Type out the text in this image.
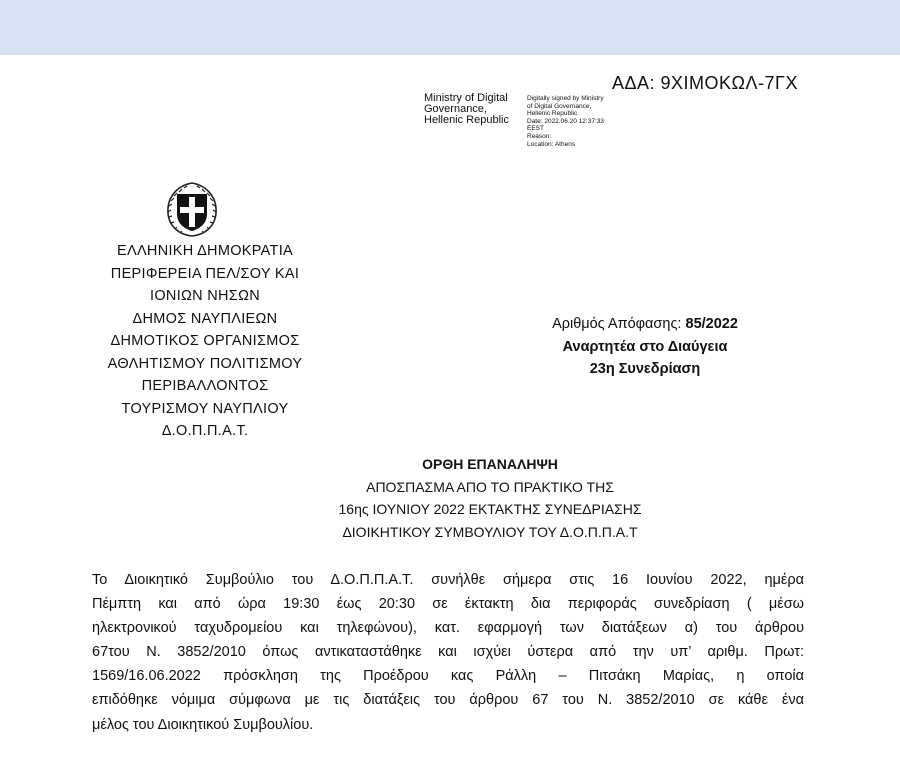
ΑΔΑ: 9ΧΙΜΟΚΩΛ-7ΓΧ
Ministry of Digital
Governance,
Hellenic Republic
Digitally signed by Ministry
of Digital Governance,
Hellenic Republic
Date: 2022.06.20 12:37:33
EEST
Reason:
Location: Athens
ΕΛΛΗΝΙΚΗ ΔΗΜΟΚΡΑΤΙΑ
ΠΕΡΙΦΕΡΕΙΑ ΠΕΛ/ΣΟΥ ΚΑΙ
ΙΟΝΙΩΝ ΝΗΣΩΝ
ΔΗΜΟΣ ΝΑΥΠΛΙΕΩΝ
ΔΗΜΟΤΙΚΟΣ ΟΡΓΑΝΙΣΜΟΣ
ΑΘΛΗΤΙΣΜΟΥ ΠΟΛΙΤΙΣΜΟΥ
ΠΕΡΙΒΑΛΛΟΝΤΟΣ
ΤΟΥΡΙΣΜΟΥ ΝΑΥΠΛΙΟΥ
Δ.Ο.Π.Π.Α.Τ.
Αριθμός Απόφασης: 85/2022
Αναρτητέα στο Διαύγεια
23η Συνεδρίαση
ΟΡΘΗ ΕΠΑΝΑΛΗΨΗ
ΑΠΟΣΠΑΣΜΑ ΑΠΟ ΤΟ ΠΡΑΚΤΙΚΟ ΤΗΣ
16ης ΙΟΥΝΙΟΥ 2022 ΕΚΤΑΚΤΗΣ ΣΥΝΕΔΡΙΑΣΗΣ
ΔΙΟΙΚΗΤΙΚΟΥ ΣΥΜΒΟΥΛΙΟΥ ΤΟΥ Δ.Ο.Π.Π.Α.Τ
Το Διοικητικό Συμβούλιο του Δ.Ο.Π.Π.Α.Τ. συνήλθε σήμερα στις 16 Ιουνίου 2022, ημέρα
Πέμπτη και από ώρα 19:30 έως 20:30 σε έκτακτη δια περιφοράς συνεδρίαση ( μέσω
ηλεκτρονικού ταχυδρομείου και τηλεφώνου), κατ. εφαρμογή των διατάξεων α) του άρθρου
67του Ν. 3852/2010 όπως αντικαταστάθηκε και ισχύει ύστερα από την υπ’ αριθμ. Πρωτ:
1569/16.06.2022 πρόσκληση της Προέδρου κας Ράλλη – Πιτσάκη Μαρίας, η οποία
επιδόθηκε νόμιμα σύμφωνα με τις διατάξεις του άρθρου 67 του Ν. 3852/2010 σε κάθε ένα
μέλος του Διοικητικού Συμβουλίου.
